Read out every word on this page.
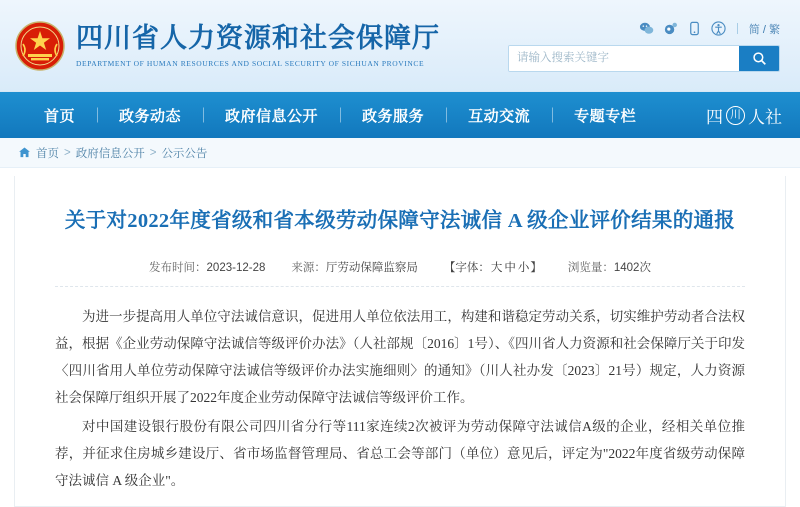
四川省人力资源和社会保障厅
DEPARTMENT OF HUMAN RESOURCES AND SOCIAL SECURITY OF SICHUAN PROVINCE
简 / 繁
请输入搜索关键字
首页	政务动态	政府信息公开	政务服务	互动交流	专题专栏	四 川 人社
首页 > 政府信息公开 > 公示公告
关于对2022年度省级和省本级劳动保障守法诚信 A 级企业评价结果的通报
发布时间：2023-12-28 来源：厅劳动保障监察局 【字体：大 中 小】 浏览量：1402次

为进一步提高用人单位守法诚信意识，促进用人单位依法用工，构建和谐稳定劳动关系，切实维护劳动者合法权益，根据《企业劳动保障守法诚信等级评价办法》（人社部规〔2016〕1号）、《四川省人力资源和社会保障厅关于印发〈四川省用人单位劳动保障守法诚信等级评价办法实施细则〉的通知》（川人社办发〔2023〕21号）规定，人力资源社会保障厅组织开展了2022年度企业劳动保障守法诚信等级评价工作。

对中国建设银行股份有限公司四川省分行等111家连续2次被评为劳动保障守法诚信A级的企业，经相关单位推荐，并征求住房城乡建设厅、省市场监督管理局、省总工会等部门（单位）意见后，评定为"2022年度省级劳动保障守法诚信 A 级企业"。
